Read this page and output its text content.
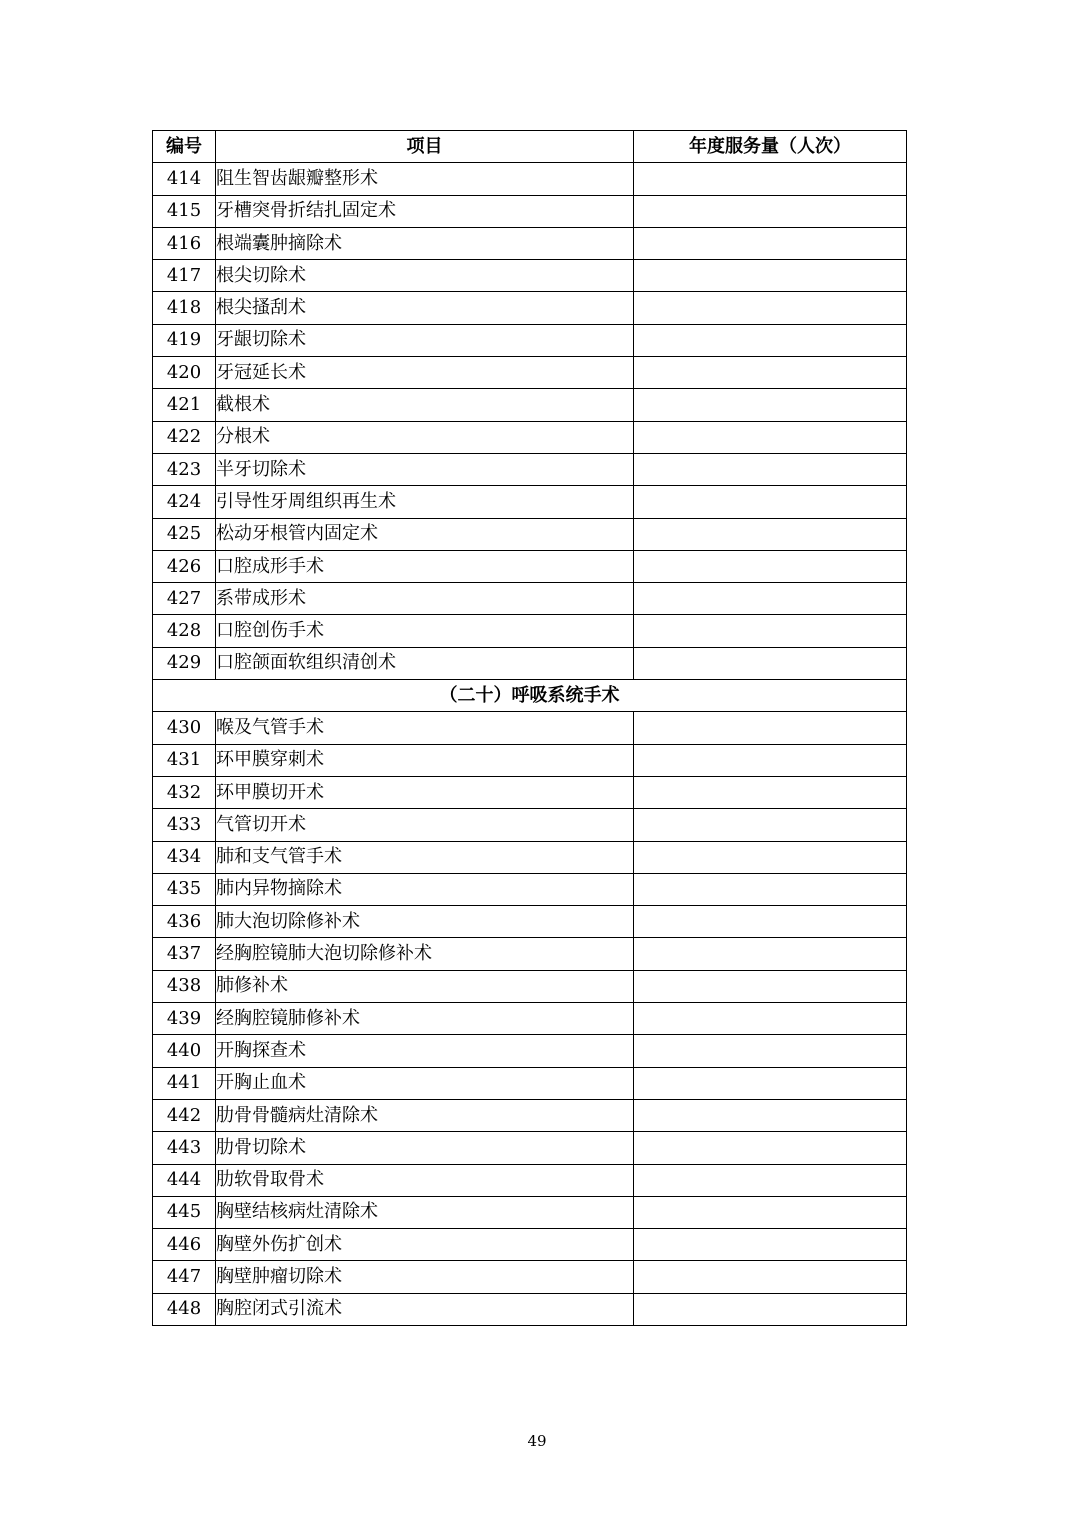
编号	项目	年度服务量（人次）
414	阻生智齿龈瓣整形术	
415	牙槽突骨折结扎固定术	
416	根端囊肿摘除术	
417	根尖切除术	
418	根尖搔刮术	
419	牙龈切除术	
420	牙冠延长术	
421	截根术	
422	分根术	
423	半牙切除术	
424	引导性牙周组织再生术	
425	松动牙根管内固定术	
426	口腔成形手术	
427	系带成形术	
428	口腔创伤手术	
429	口腔颌面软组织清创术	
（二十）呼吸系统手术		
430	喉及气管手术	
431	环甲膜穿刺术	
432	环甲膜切开术	
433	气管切开术	
434	肺和支气管手术	
435	肺内异物摘除术	
436	肺大泡切除修补术	
437	经胸腔镜肺大泡切除修补术	
438	肺修补术	
439	经胸腔镜肺修补术	
440	开胸探查术	
441	开胸止血术	
442	肋骨骨髓病灶清除术	
443	肋骨切除术	
444	肋软骨取骨术	
445	胸壁结核病灶清除术	
446	胸壁外伤扩创术	
447	胸壁肿瘤切除术	
448	胸腔闭式引流术	
49
